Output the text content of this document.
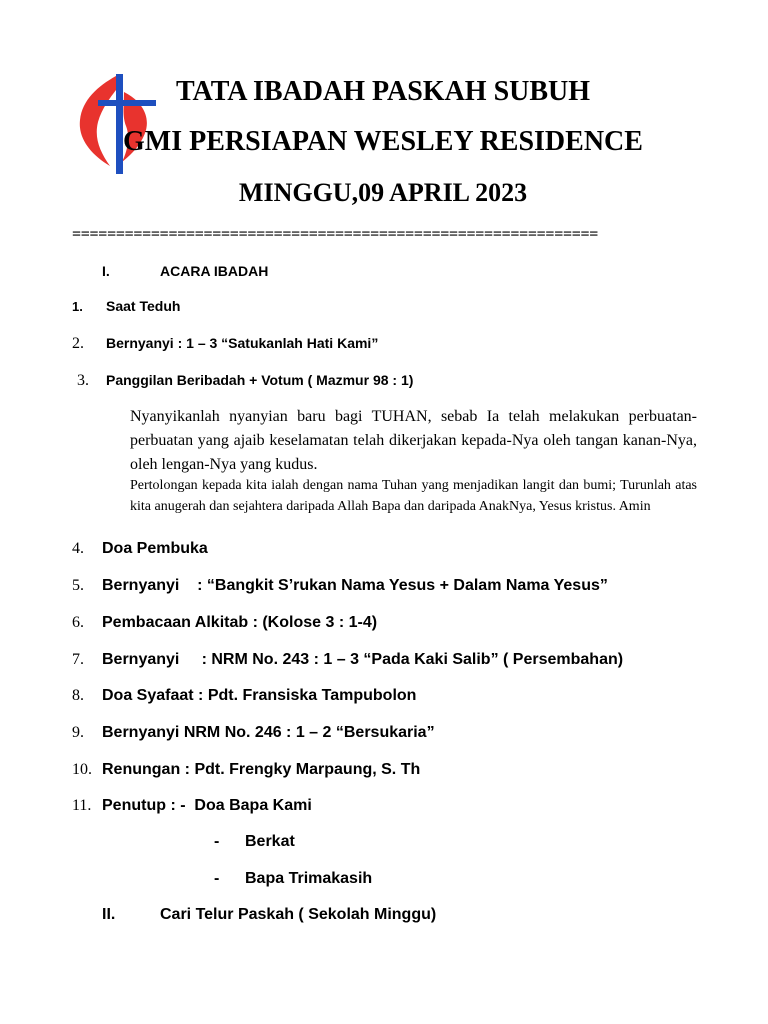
TATA IBADAH PASKAH SUBUH
GMI PERSIAPAN WESLEY RESIDENCE
MINGGU,09 APRIL 2023
============================================================
I.	ACARA IBADAH
1. Saat Teduh
2. Bernyanyi : 1 – 3 “Satukanlah Hati Kami”
3. Panggilan Beribadah + Votum ( Mazmur 98 : 1)
Nyanyikanlah nyanyian baru bagi TUHAN, sebab Ia telah melakukan perbuatan-perbuatan yang ajaib keselamatan telah dikerjakan kepada-Nya oleh tangan kanan-Nya, oleh lengan-Nya yang kudus.
Pertolongan kepada kita ialah dengan nama Tuhan yang menjadikan langit dan bumi; Turunlah atas kita anugerah dan sejahtera daripada Allah Bapa dan daripada AnakNya, Yesus kristus. Amin
4. Doa Pembuka
5. Bernyanyi    : “Bangkit S’rukan Nama Yesus + Dalam Nama Yesus”
6. Pembacaan Alkitab : (Kolose 3 : 1-4)
7. Bernyanyi     : NRM No. 243 : 1 – 3 “Pada Kaki Salib” ( Persembahan)
8. Doa Syafaat : Pdt. Fransiska Tampubolon
9. Bernyanyi NRM No. 246 : 1 – 2 “Bersukaria”
10. Renungan : Pdt. Frengky Marpaung, S. Th
11. Penutup : -  Doa Bapa Kami
- Berkat
- Bapa Trimakasih
II.	Cari Telur Paskah ( Sekolah Minggu)
